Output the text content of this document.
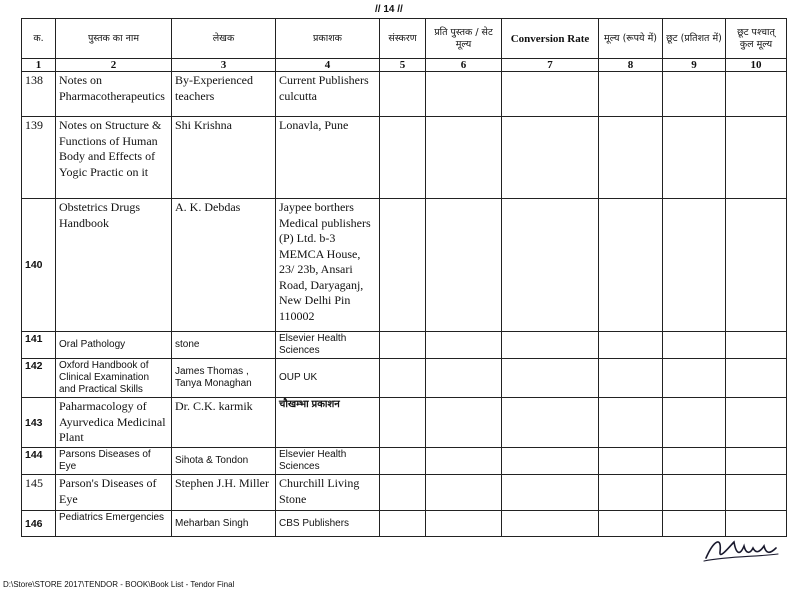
// 14 //
क.	पुस्तक का नाम	लेखक	प्रकाशक	संस्करण	प्रति पुस्तक / सेट मूल्य	Conversion Rate	मूल्य (रूपये में)	छूट (प्रतिशत में)	छूट पश्चात् कुल मूल्य
1	2	3	4	5	6	7	8	9	10
138	Notes on Pharmacotherapeutics	By-Experienced teachers	Current Publishers culcutta						
139	Notes on Structure & Functions of Human Body and Effects of Yogic Practic on it	Shi Krishna	Lonavla, Pune						
140	Obstetrics Drugs Handbook	A. K. Debdas	Jaypee borthers Medical publishers (P) Ltd. b-3 MEMCA House, 23/ 23b, Ansari Road, Daryaganj, New Delhi Pin 110002						
141	Oral Pathology	stone	Elsevier Health Sciences						
142	Oxford Handbook of Clinical Examination and Practical Skills	James Thomas , Tanya Monaghan	OUP UK						
143	Paharmacology of Ayurvedica Medicinal Plant	Dr. C.K. karmik	चौखम्भा प्रकाशन						
144	Parsons Diseases of Eye	Sihota & Tondon	Elsevier Health Sciences						
145	Parson's Diseases of Eye	Stephen J.H. Miller	Churchill Living Stone						
146	Pediatrics Emergencies	Meharban Singh	CBS Publishers						
D:\Store\STORE 2017\TENDOR - BOOK\Book List - Tendor Final
